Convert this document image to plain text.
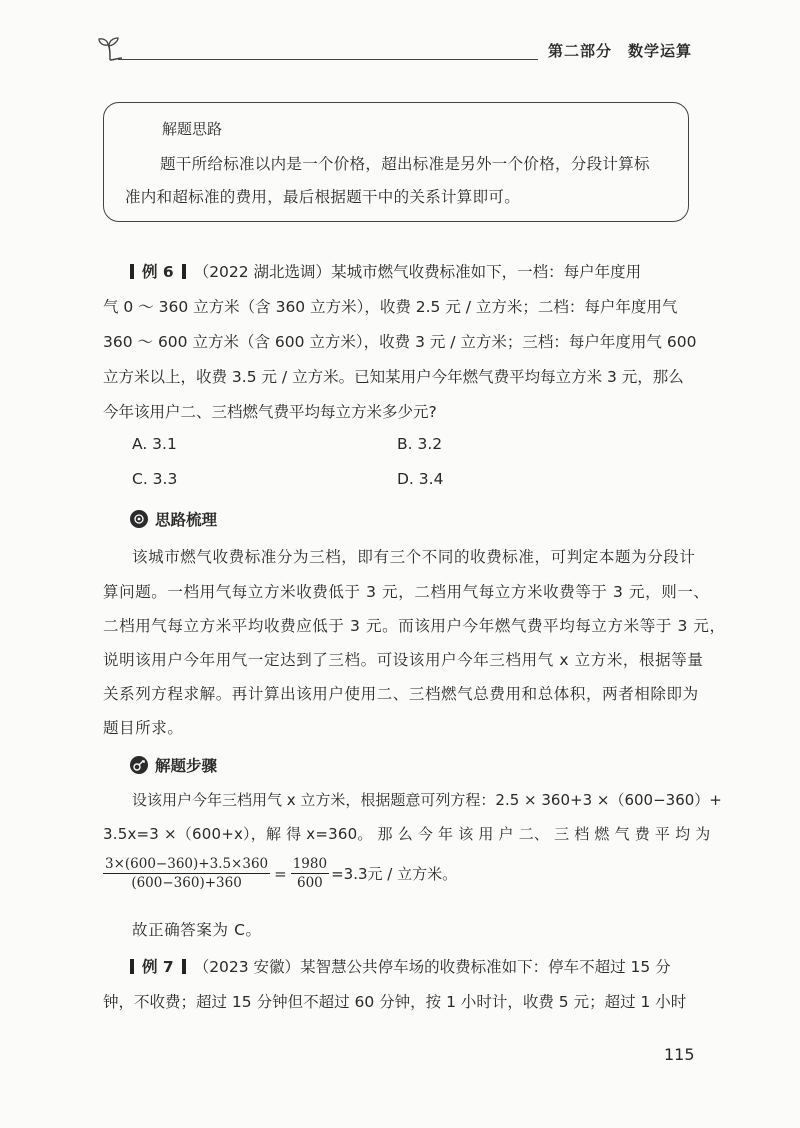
第二部分　数学运算
解题思路
题干所给标准以内是一个价格，超出标准是另外一个价格，分段计算标
准内和超标准的费用，最后根据题干中的关系计算即可。
例 6 （2022 湖北选调）某城市燃气收费标准如下，一档：每户年度用
气 0 ～ 360 立方米（含 360 立方米），收费 2.5 元 / 立方米；二档：每户年度用气
360 ～ 600 立方米（含 600 立方米），收费 3 元 / 立方米；三档：每户年度用气 600
立方米以上，收费 3.5 元 / 立方米。已知某用户今年燃气费平均每立方米 3 元，那么
今年该用户二、三档燃气费平均每立方米多少元?
A. 3.1	B. 3.2
C. 3.3	D. 3.4
思路梳理
该城市燃气收费标准分为三档，即有三个不同的收费标准，可判定本题为分段计
算问题。一档用气每立方米收费低于 3 元，二档用气每立方米收费等于 3 元，则一、
二档用气每立方米平均收费应低于 3 元。而该用户今年燃气费平均每立方米等于 3 元，
说明该用户今年用气一定达到了三档。可设该用户今年三档用气 x 立方米，根据等量
关系列方程求解。再计算出该用户使用二、三档燃气总费用和总体积，两者相除即为
题目所求。
解题步骤
设该用户今年三档用气 x 立方米，根据题意可列方程：2.5 × 360+3 ×（600−360）+
3.5x=3 ×（600+x），解 得 x=360。 那 么 今 年 该 用 户 二、 三 档 燃 气 费 平 均 为
$\frac{3\times(600-360)+3.5\times 360}{(600-360)+360} = \frac{1980}{600} =3.3$元 / 立方米。
故正确答案为 C。
例 7 （2023 安徽）某智慧公共停车场的收费标准如下：停车不超过 15 分
钟，不收费；超过 15 分钟但不超过 60 分钟，按 1 小时计，收费 5 元；超过 1 小时
115
